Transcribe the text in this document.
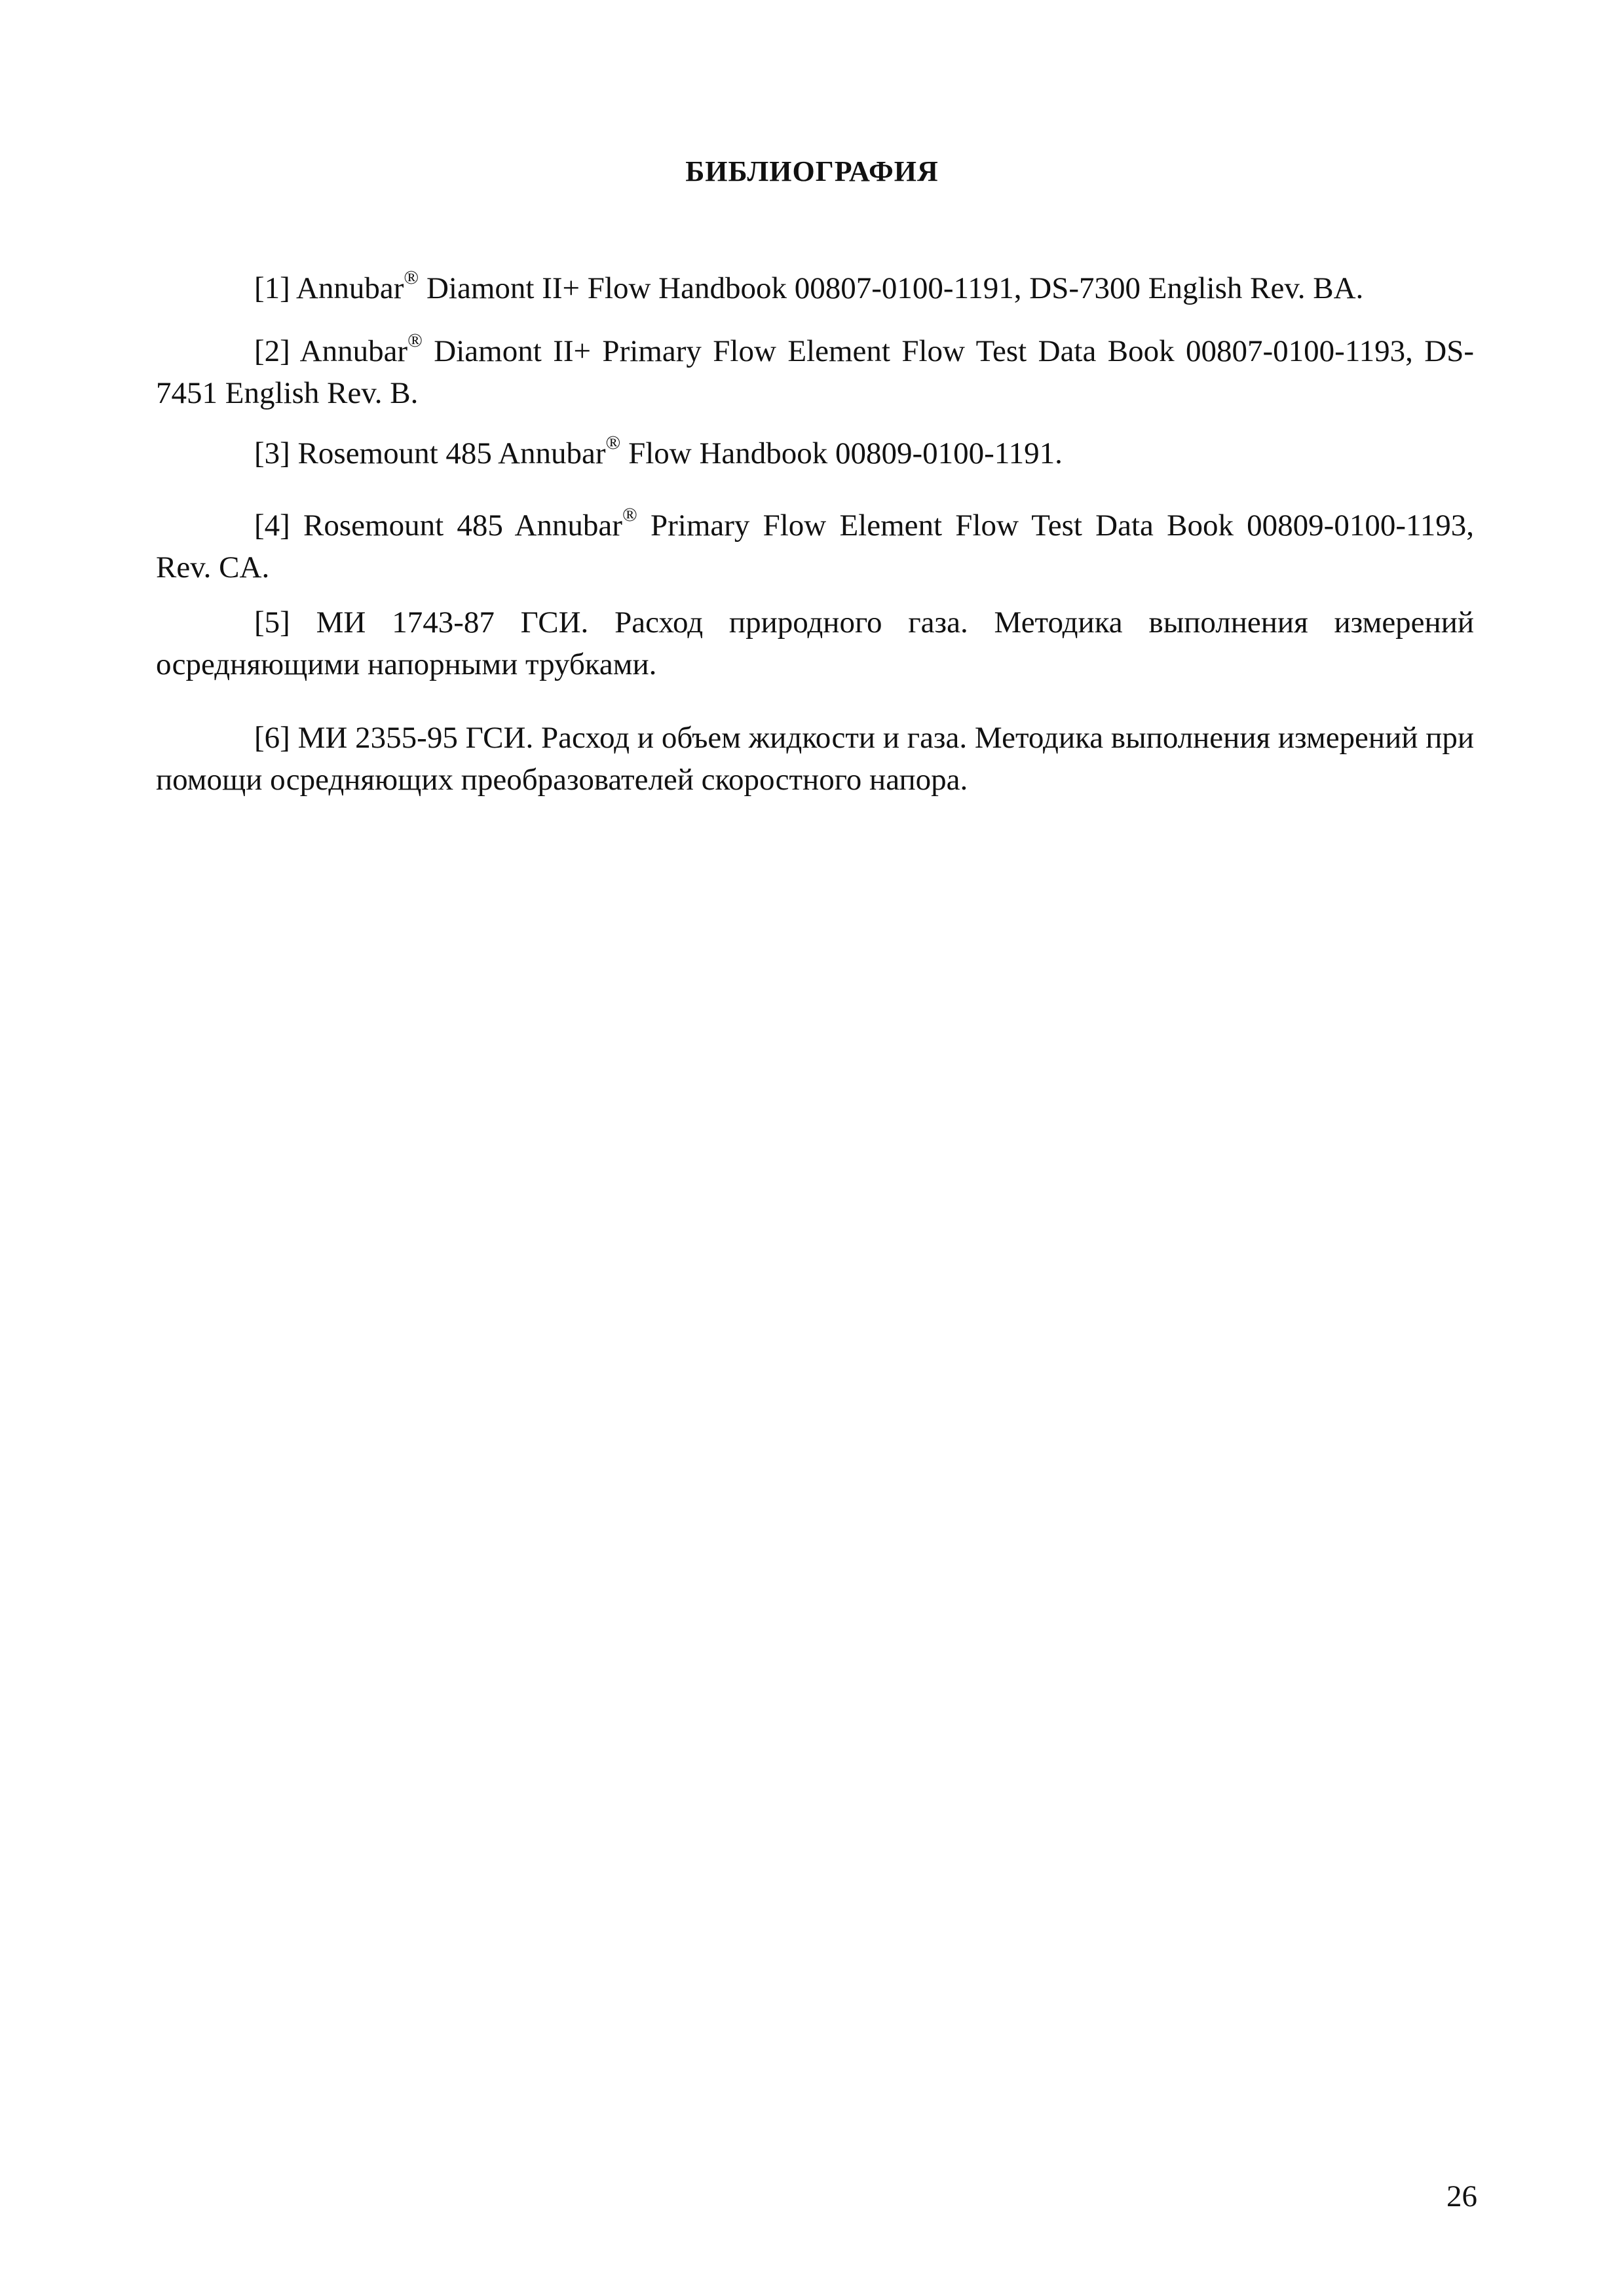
БИБЛИОГРАФИЯ

[1] Annubar® Diamont II+ Flow Handbook 00807-0100-1191, DS-7300 English Rev. BA.

[2] Annubar® Diamont II+ Primary Flow Element Flow Test Data Book 00807-0100-1193, DS-7451 English Rev. B.

[3] Rosemount 485 Annubar® Flow Handbook 00809-0100-1191.

[4] Rosemount 485 Annubar® Primary Flow Element Flow Test Data Book 00809-0100-1193, Rev. CA.

[5] МИ 1743-87 ГСИ. Расход природного газа. Методика выполнения измерений осредняющими напорными трубками.

[6] МИ 2355-95 ГСИ. Расход и объем жидкости и газа. Методика выполнения измерений при помощи осредняющих преобразователей скоростного напора.

26
